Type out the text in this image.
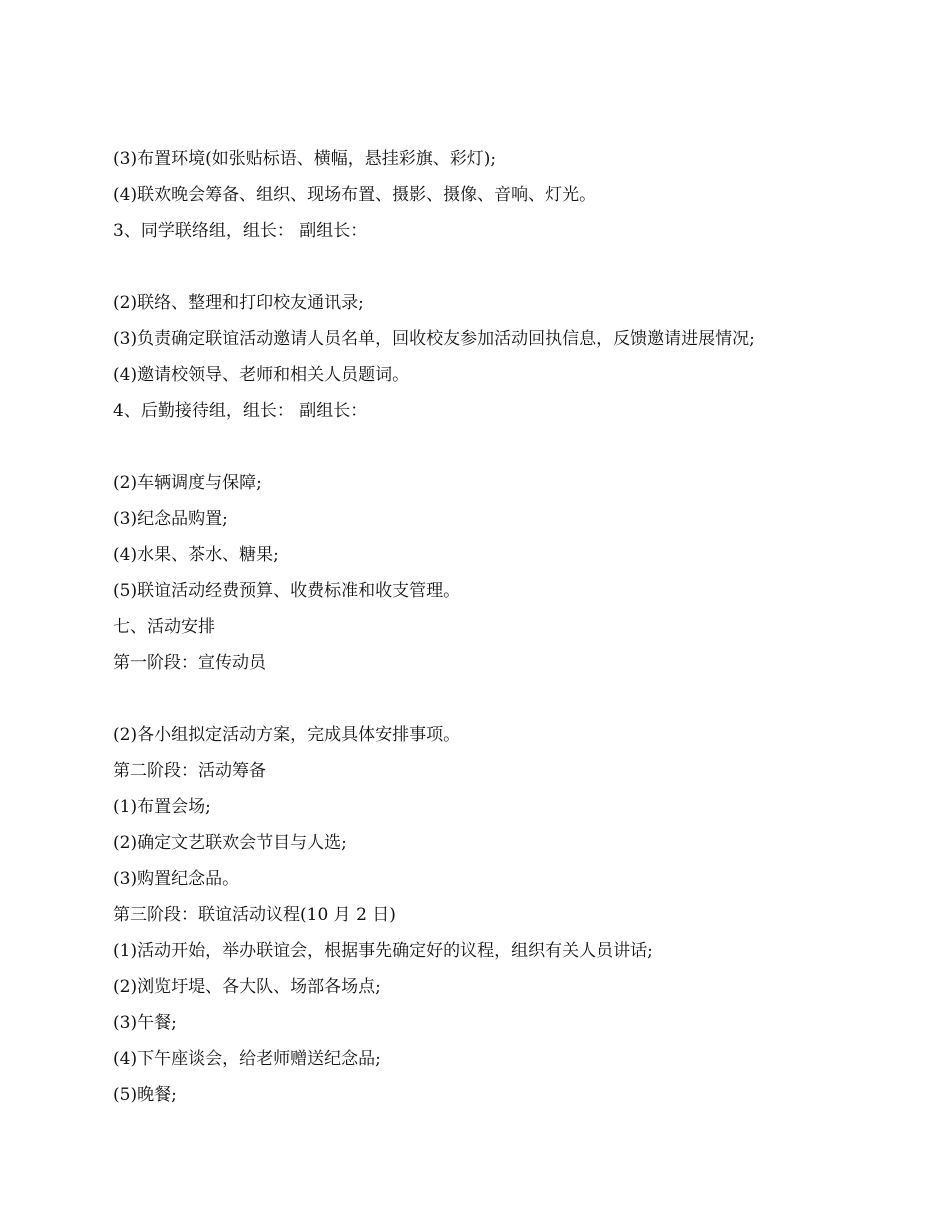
(3)布置环境(如张贴标语、横幅，悬挂彩旗、彩灯);
(4)联欢晚会筹备、组织、现场布置、摄影、摄像、音响、灯光。
3、同学联络组，组长： 副组长：
(2)联络、整理和打印校友通讯录;
(3)负责确定联谊活动邀请人员名单，回收校友参加活动回执信息，反馈邀请进展情况;
(4)邀请校领导、老师和相关人员题词。
4、后勤接待组，组长： 副组长：
(2)车辆调度与保障;
(3)纪念品购置;
(4)水果、茶水、糖果;
(5)联谊活动经费预算、收费标准和收支管理。
七、活动安排
第一阶段：宣传动员
(2)各小组拟定活动方案，完成具体安排事项。
第二阶段：活动筹备
(1)布置会场;
(2)确定文艺联欢会节目与人选;
(3)购置纪念品。
第三阶段：联谊活动议程(10 月 2 日)
(1)活动开始，举办联谊会，根据事先确定好的议程，组织有关人员讲话;
(2)浏览圩堤、各大队、场部各场点;
(3)午餐;
(4)下午座谈会，给老师赠送纪念品;
(5)晚餐;
